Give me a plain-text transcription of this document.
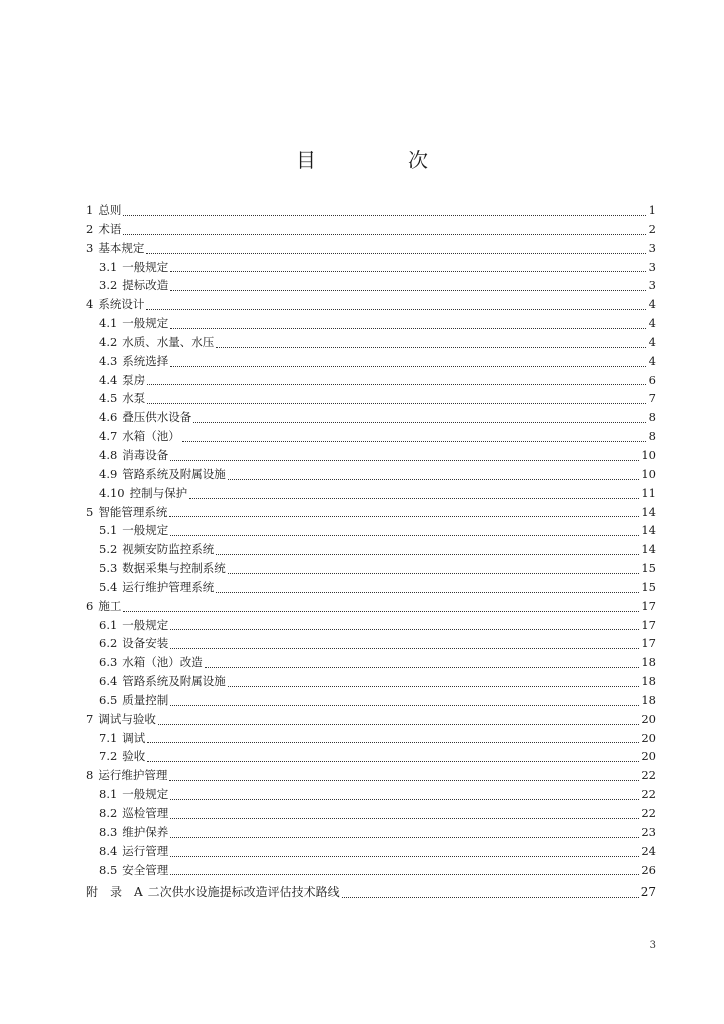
目　次
1 总则	1
2 术语	2
3 基本规定	3
3.1 一般规定	3
3.2 提标改造	3
4 系统设计	4
4.1 一般规定	4
4.2 水质、水量、水压	4
4.3 系统选择	4
4.4 泵房	6
4.5 水泵	7
4.6 叠压供水设备	8
4.7 水箱（池）	8
4.8 消毒设备	10
4.9 管路系统及附属设施	10
4.10 控制与保护	11
5 智能管理系统	14
5.1 一般规定	14
5.2 视频安防监控系统	14
5.3 数据采集与控制系统	15
5.4 运行维护管理系统	15
6 施工	17
6.1 一般规定	17
6.2 设备安装	17
6.3 水箱（池）改造	18
6.4 管路系统及附属设施	18
6.5 质量控制	18
7 调试与验收	20
7.1 调试	20
7.2 验收	20
8 运行维护管理	22
8.1 一般规定	22
8.2 巡检管理	22
8.3 维护保养	23
8.4 运行管理	24
8.5 安全管理	26
附　录　A 二次供水设施提标改造评估技术路线	27
3
